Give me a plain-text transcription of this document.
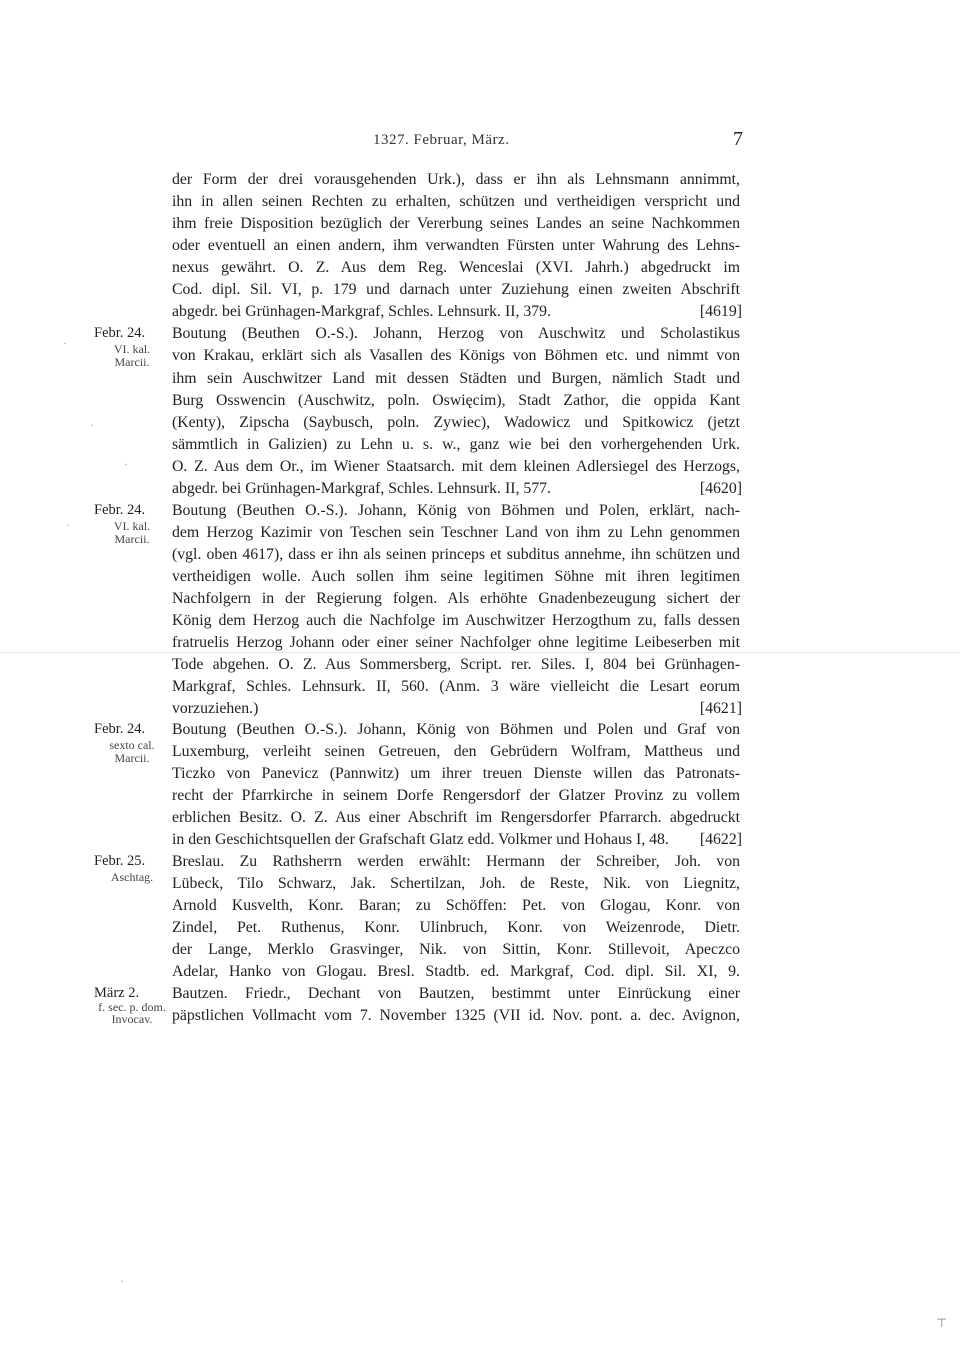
1327. Februar, März.	7
der Form der drei vorausgehenden Urk.), dass er ihn als Lehnsmann annimmt,
ihn in allen seinen Rechten zu erhalten, schützen und vertheidigen verspricht und
ihm freie Disposition bezüglich der Vererbung seines Landes an seine Nachkommen
oder eventuell an einen andern, ihm verwandten Fürsten unter Wahrung des Lehns-
nexus gewährt. O. Z. Aus dem Reg. Wenceslai (XVI. Jahrh.) abgedruckt im
Cod. dipl. Sil. VI, p. 179 und darnach unter Zuziehung einen zweiten Abschrift
abgedr. bei Grünhagen-Markgraf, Schles. Lehnsurk. II, 379.	[4619]
Febr. 24.
VI. kal.
Marcii.
Boutung (Beuthen O.-S.). Johann, Herzog von Auschwitz und Scholastikus
von Krakau, erklärt sich als Vasallen des Königs von Böhmen etc. und nimmt von
ihm sein Auschwitzer Land mit dessen Städten und Burgen, nämlich Stadt und
Burg Osswencin (Auschwitz, poln. Oswięcim), Stadt Zathor, die oppida Kant
(Kenty), Zipscha (Saybusch, poln. Zywiec), Wadowicz und Spitkowicz (jetzt
sämmtlich in Galizien) zu Lehn u. s. w., ganz wie bei den vorhergehenden Urk.
O. Z. Aus dem Or., im Wiener Staatsarch. mit dem kleinen Adlersiegel des Herzogs,
abgedr. bei Grünhagen-Markgraf, Schles. Lehnsurk. II, 577.	[4620]
Febr. 24.
VI. kal.
Marcii.
Boutung (Beuthen O.-S.). Johann, König von Böhmen und Polen, erklärt, nach-
dem Herzog Kazimir von Teschen sein Teschner Land von ihm zu Lehn genommen
(vgl. oben 4617), dass er ihn als seinen princeps et subditus annehme, ihn schützen und
vertheidigen wolle. Auch sollen ihm seine legitimen Söhne mit ihren legitimen
Nachfolgern in der Regierung folgen. Als erhöhte Gnadenbezeugung sichert der
König dem Herzog auch die Nachfolge im Auschwitzer Herzogthum zu, falls dessen
fratruelis Herzog Johann oder einer seiner Nachfolger ohne legitime Leibeserben mit
Tode abgehen. O. Z. Aus Sommersberg, Script. rer. Siles. I, 804 bei Grünhagen-
Markgraf, Schles. Lehnsurk. II, 560. (Anm. 3 wäre vielleicht die Lesart eorum
vorzuziehen.)	[4621]
Febr. 24.
sexto cal.
Marcii.
Boutung (Beuthen O.-S.). Johann, König von Böhmen und Polen und Graf von
Luxemburg, verleiht seinen Getreuen, den Gebrüdern Wolfram, Mattheus und
Ticzko von Panevicz (Pannwitz) um ihrer treuen Dienste willen das Patronats-
recht der Pfarrkirche in seinem Dorfe Rengersdorf der Glatzer Provinz zu vollem
erblichen Besitz. O. Z. Aus einer Abschrift im Rengersdorfer Pfarrarch. abgedruckt
in den Geschichtsquellen der Grafschaft Glatz edd. Volkmer und Hohaus I, 48.	[4622]
Febr. 25.
Aschtag.
Breslau. Zu Rathsherrn werden erwählt: Hermann der Schreiber, Joh. von
Lübeck, Tilo Schwarz, Jak. Schertilzan, Joh. de Reste, Nik. von Liegnitz,
Arnold Kusvelth, Konr. Baran; zu Schöffen: Pet. von Glogau, Konr. von
Zindel, Pet. Ruthenus, Konr. Ulinbruch, Konr. von Weizenrode, Dietr.
der Lange, Merklo Grasvinger, Nik. von Sittin, Konr. Stillevoit, Apeczco
Adelar, Hanko von Glogau. Bresl. Stadtb. ed. Markgraf, Cod. dipl. Sil. XI, 9.
März 2.
f. sec. p. dom.
Invocav.
Bautzen. Friedr., Dechant von Bautzen, bestimmt unter Einrückung einer
päpstlichen Vollmacht vom 7. November 1325 (VII id. Nov. pont. a. dec. Avignon,
·
·
·
·
·
⊤
